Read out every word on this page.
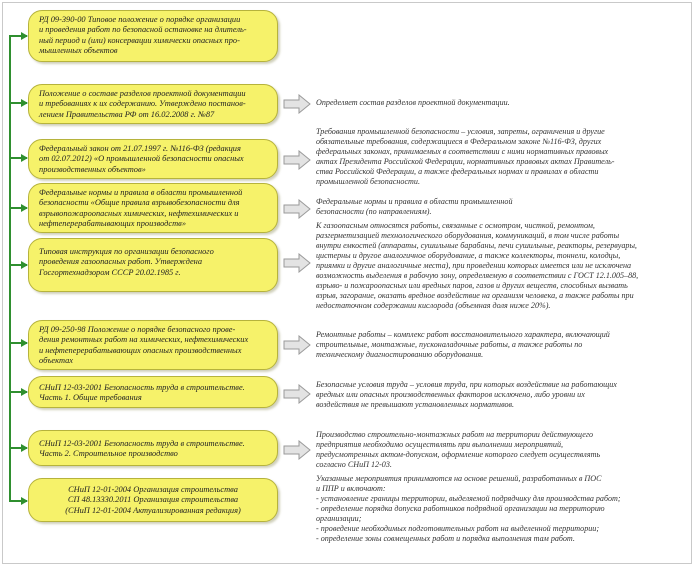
РД 09-390-00 Типовое положение о порядке организации
и проведения работ по безопасной остановке на длитель-
ный период и (или) консервации химически опасных про-
мышленных объектов
Положение о составе разделов проектной документации
и требованиях к их содержанию. Утверждено постанов-
лением Правительства РФ от 16.02.2008 г. №87
Федеральный закон от 21.07.1997 г. №116-ФЗ (редакция
от 02.07.2012) «О промышленной безопасности опасных
производственных объектов»
Федеральные нормы и правила в области промышленной
безопасности «Общие правила взрывобезопасности для
взрывопожароопасных химических, нефтехимических и
нефтеперерабатывающих производств»
Типовая инструкция по организации безопасного
проведения газоопасных работ. Утверждена
Госгортехнадзором СССР 20.02.1985 г.
РД 09-250-98 Положение о порядке безопасного прове-
дения ремонтных работ на химических, нефтехимических
и нефтеперерабатывающих опасных производственных
объектах
СНиП 12-03-2001 Безопасность труда в строительстве.
Часть 1. Общие требования
СНиП 12-03-2001 Безопасность труда в строительстве.
Часть 2. Строительное производство
СНиП 12-01-2004 Организация строительства
СП 48.13330.2011 Организация строительства
(СНиП 12-01-2004 Актуализированная редакция)
Определяет состав разделов проектной документации.
Требования промышленной безопасности – условия, запреты, ограничения и другие
обязательные требования, содержащиеся в Федеральном законе №116-ФЗ, других
федеральных законах, принимаемых в соответствии с ними нормативных правовых
актах Президента Российской Федерации, нормативных правовых актах Правитель-
ства Российской Федерации, а также федеральных нормах и правилах в области
промышленной безопасности.
Федеральные нормы и правила в области промышленной
безопасности (по направлениям).
К газоопасным относятся работы, связанные с осмотром, чисткой, ремонтом,
разгерметизацией технологического оборудования, коммуникаций, в том числе работы
внутри емкостей (аппараты, сушильные барабаны, печи сушильные, реакторы, резервуары,
цистерны и другое аналогичное оборудование, а также коллекторы, тоннели, колодцы,
приямки и другие аналогичные места), при проведении которых имеется или не исключена
возможность выделения в рабочую зону, определяемую в соответствии с ГОСТ 12.1.005–88,
взрыво- и пожароопасных или вредных паров, газов и других веществ, способных вызвать
взрыв, загорание, оказать вредное воздействие на организм человека, а также работы при
недостаточном содержании кислорода (объемная доля ниже 20%).
Ремонтные работы – комплекс работ восстановительного характера, включающий
строительные, монтажные, пусконаладочные работы, а также работы по
техническому диагностированию оборудования.
Безопасные условия труда – условия труда, при которых воздействие на работающих
вредных или опасных производственных факторов исключено, либо уровни их
воздействия не превышают установленных нормативов.
Производство строительно-монтажных работ на территории действующего
предприятия необходимо осуществлять при выполнении мероприятий,
предусмотренных актом-допуском, оформление которого следует осуществлять
согласно СНиП 12-03.
Указанные мероприятия принимаются на основе решений, разработанных в ПОС
и ППР и включают:
- установление границы территории, выделяемой подрядчику для производства работ;
- определение порядка допуска работников подрядной организации на территорию
организации;
- проведение необходимых подготовительных работ на выделенной территории;
- определение зоны совмещенных работ и порядка выполнения там работ.
